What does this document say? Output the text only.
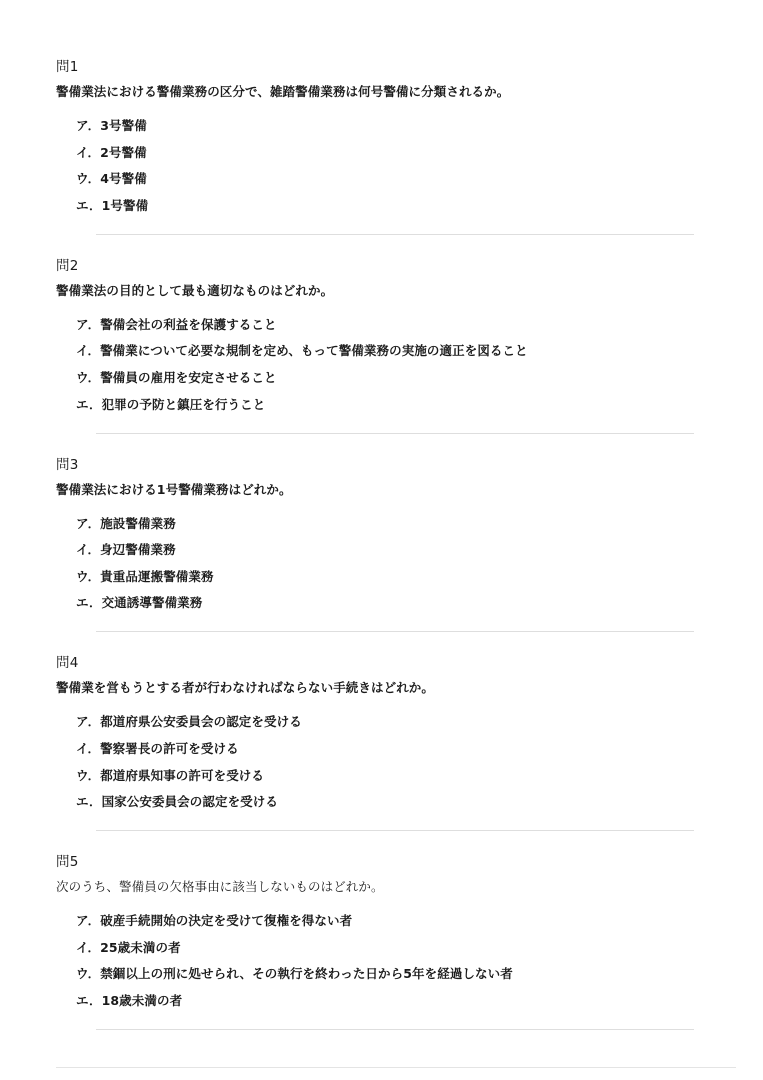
問1
警備業法における警備業務の区分で、雑踏警備業務は何号警備に分類されるか。
ア．3号警備
イ．2号警備
ウ．4号警備
エ．1号警備
問2
警備業法の目的として最も適切なものはどれか。
ア．警備会社の利益を保護すること
イ．警備業について必要な規制を定め、もって警備業務の実施の適正を図ること
ウ．警備員の雇用を安定させること
エ．犯罪の予防と鎮圧を行うこと
問3
警備業法における1号警備業務はどれか。
ア．施設警備業務
イ．身辺警備業務
ウ．貴重品運搬警備業務
エ．交通誘導警備業務
問4
警備業を営もうとする者が行わなければならない手続きはどれか。
ア．都道府県公安委員会の認定を受ける
イ．警察署長の許可を受ける
ウ．都道府県知事の許可を受ける
エ．国家公安委員会の認定を受ける
問5
次のうち、警備員の欠格事由に該当しないものはどれか。
ア．破産手続開始の決定を受けて復権を得ない者
イ．25歳未満の者
ウ．禁錮以上の刑に処せられ、その執行を終わった日から5年を経過しない者
エ．18歳未満の者
